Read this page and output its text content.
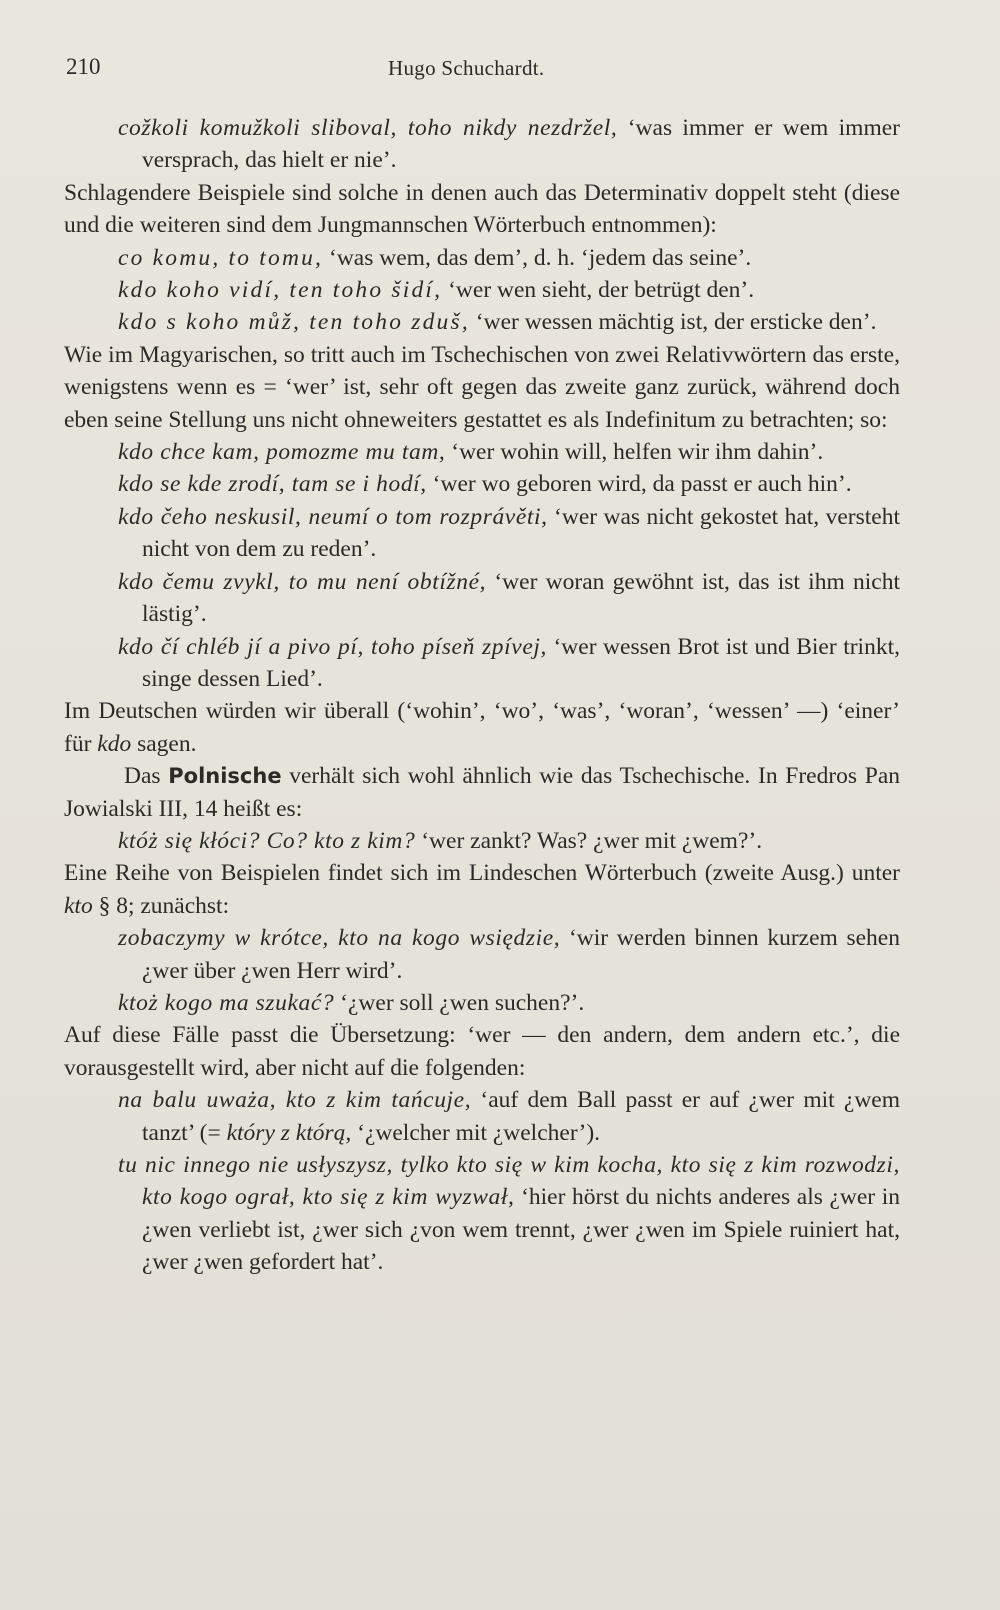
210	Hugo Schuchardt.

cožkoli komužkoli sliboval, toho nikdy nezdržel, ‘was immer er wem immer versprach, das hielt er nie’.

Schlagendere Beispiele sind solche in denen auch das Determinativ doppelt steht (diese und die weiteren sind dem Jungmannschen Wörterbuch entnommen):

co komu, to tomu, ‘was wem, das dem’, d. h. ‘jedem das seine’.

kdo koho vidí, ten toho šidí, ‘wer wen sieht, der betrügt den’.

kdo s koho můž, ten toho zduš, ‘wer wessen mächtig ist, der ersticke den’.

Wie im Magyarischen, so tritt auch im Tschechischen von zwei Relativwörtern das erste, wenigstens wenn es = ‘wer’ ist, sehr oft gegen das zweite ganz zurück, während doch eben seine Stellung uns nicht ohneweiters gestattet es als Indefinitum zu betrachten; so:

kdo chce kam, pomozme mu tam, ‘wer wohin will, helfen wir ihm dahin’.

kdo se kde zrodí, tam se i hodí, ‘wer wo geboren wird, da passt er auch hin’.

kdo čeho neskusil, neumí o tom rozprávěti, ‘wer was nicht gekostet hat, versteht nicht von dem zu reden’.

kdo čemu zvykl, to mu není obtížné, ‘wer woran gewöhnt ist, das ist ihm nicht lästig’.

kdo čí chléb jí a pivo pí, toho píseň zpívej, ‘wer wessen Brot ist und Bier trinkt, singe dessen Lied’.

Im Deutschen würden wir überall (‘wohin’, ‘wo’, ‘was’, ‘woran’, ‘wessen’ —) ‘einer’ für kdo sagen.

Das Polnische verhält sich wohl ähnlich wie das Tschechische. In Fredros Pan Jowialski III, 14 heißt es:

któż się kłóci? Co? kto z kim? ‘wer zankt? Was? ¿wer mit ¿wem?’.

Eine Reihe von Beispielen findet sich im Lindeschen Wörterbuch (zweite Ausg.) unter kto § 8; zunächst:

zobaczymy w krótce, kto na kogo wsiędzie, ‘wir werden binnen kurzem sehen ¿wer über ¿wen Herr wird’.

ktoż kogo ma szukać? ‘¿wer soll ¿wen suchen?’.

Auf diese Fälle passt die Übersetzung: ‘wer — den andern, dem andern etc.’, die vorausgestellt wird, aber nicht auf die folgenden:

na balu uważa, kto z kim tańcuje, ‘auf dem Ball passt er auf ¿wer mit ¿wem tanzt’ (= który z którą, ‘¿welcher mit ¿welcher’).

tu nic innego nie usłyszysz, tylko kto się w kim kocha, kto się z kim rozwodzi, kto kogo ograł, kto się z kim wyzwał, ‘hier hörst du nichts anderes als ¿wer in ¿wen verliebt ist, ¿wer sich ¿von wem trennt, ¿wer ¿wen im Spiele ruiniert hat, ¿wer ¿wen gefordert hat’.
